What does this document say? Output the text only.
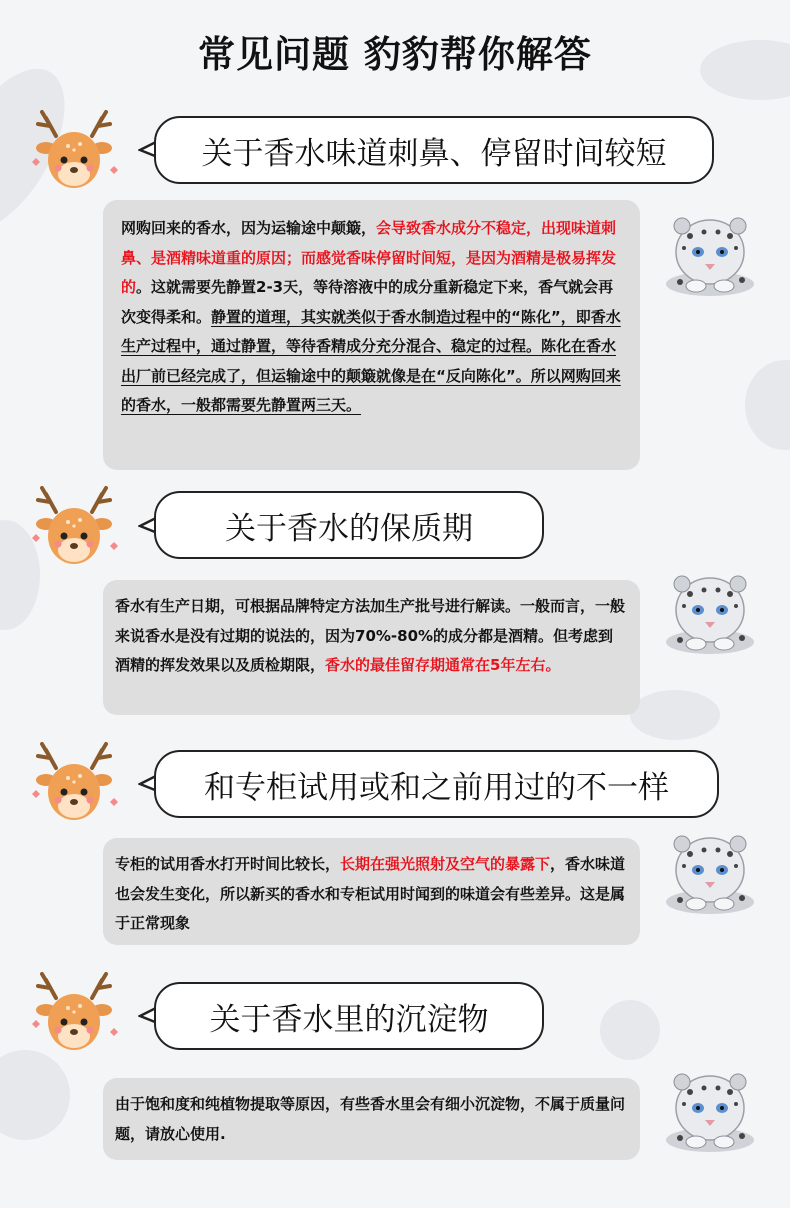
常见问题 豹豹帮你解答
关于香水味道刺鼻、停留时间较短
网购回来的香水，因为运输途中颠簸，会导致香水成分不稳定，出现味道刺鼻、是酒精味道重的原因；而感觉香味停留时间短，是因为酒精是极易挥发的。这就需要先静置2-3天，等待溶液中的成分重新稳定下来，香气就会再次变得柔和。静置的道理，其实就类似于香水制造过程中的“陈化”，即香水生产过程中，通过静置，等待香精成分充分混合、稳定的过程。陈化在香水出厂前已经完成了，但运输途中的颠簸就像是在“反向陈化”。所以网购回来的香水，一般都需要先静置两三天。
关于香水的保质期
香水有生产日期，可根据品牌特定方法加生产批号进行解读。一般而言，一般来说香水是没有过期的说法的，因为70%-80%的成分都是酒精。但考虑到酒精的挥发效果以及质检期限，香水的最佳留存期通常在5年左右。
和专柜试用或和之前用过的不一样
专柜的试用香水打开时间比较长，长期在强光照射及空气的暴露下，香水味道也会发生变化，所以新买的香水和专柜试用时闻到的味道会有些差异。这是属于正常现象
关于香水里的沉淀物
由于饱和度和纯植物提取等原因，有些香水里会有细小沉淀物，不属于质量问题，请放心使用.
